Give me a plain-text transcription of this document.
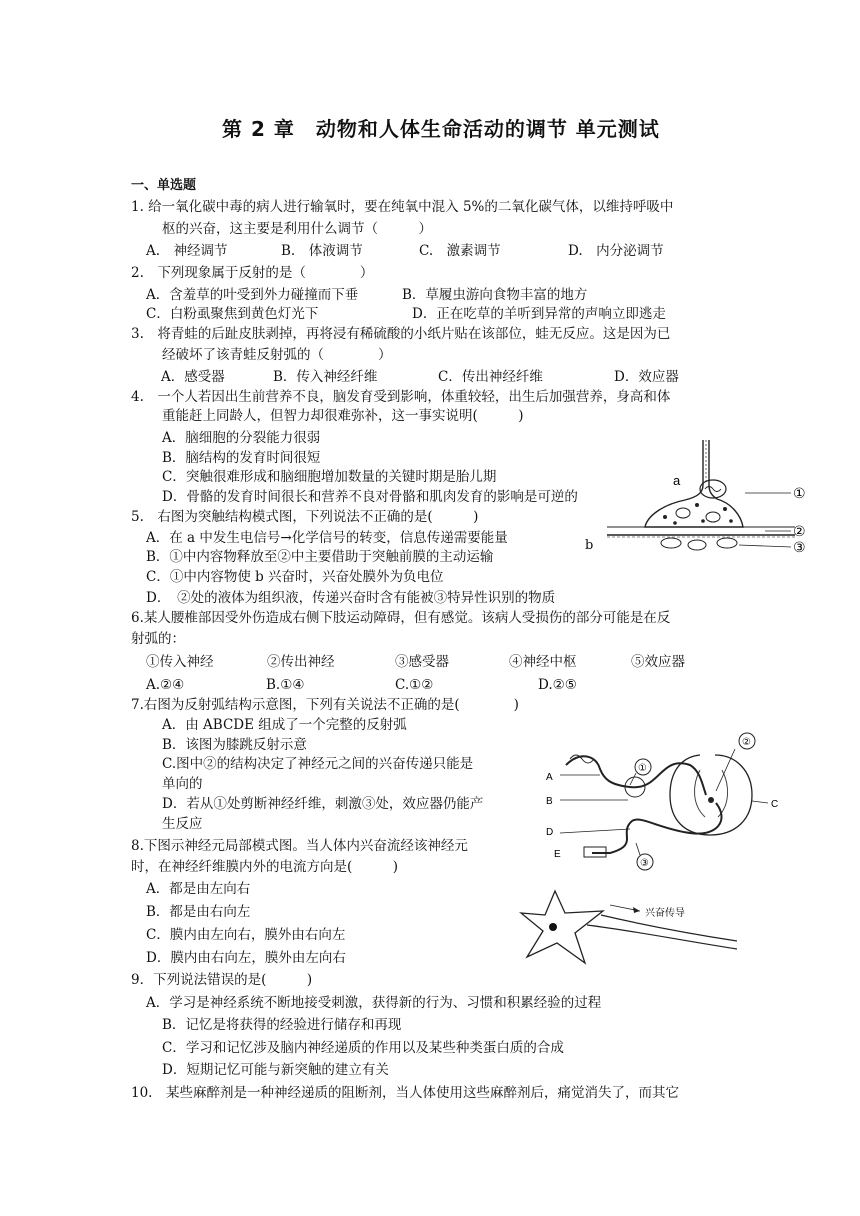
第 2 章　动物和人体生命活动的调节 单元测试
一、单选题
1. 给一氧化碳中毒的病人进行输氧时，要在纯氧中混入 5%的二氧化碳气体，以维持呼吸中
枢的兴奋，这主要是利用什么调节（　　　）
A.　神经调节	B.　体液调节	C.　激素调节	D.　内分泌调节
2.　下列现象属于反射的是（　　　　）
A．含羞草的叶受到外力碰撞而下垂	B．草履虫游向食物丰富的地方
C．白粉虱聚焦到黄色灯光下	D．正在吃草的羊听到异常的声响立即逃走
3.　将青蛙的后趾皮肤剥掉，再将浸有稀硫酸的小纸片贴在该部位，蛙无反应。这是因为已
经破坏了该青蛙反射弧的（　　　　）
A．感受器	B．传入神经纤维	C．传出神经纤维	D．效应器
4.　一个人若因出生前营养不良，脑发育受到影响，体重较轻，出生后加强营养，身高和体
重能赶上同龄人，但智力却很难弥补，这一事实说明(　　　)
A．脑细胞的分裂能力很弱
B．脑结构的发育时间很短
C．突触很难形成和脑细胞增加数量的关键时期是胎儿期
D．骨骼的发育时间很长和营养不良对骨骼和肌肉发育的影响是可逆的
5.　右图为突触结构模式图，下列说法不正确的是(　　　)
A．在 a 中发生电信号→化学信号的转变，信息传递需要能量
B．①中内容物释放至②中主要借助于突触前膜的主动运输
C．①中内容物使 b 兴奋时，兴奋处膜外为负电位
D．　②处的液体为组织液，传递兴奋时含有能被③特异性识别的物质
6.某人腰椎部因受外伤造成右侧下肢运动障碍，但有感觉。该病人受损伤的部分可能是在反
射弧的：
①传入神经	②传出神经	③感受器	④神经中枢	⑤效应器
A.②④	B.①④	C.①②	D.②⑤
7.右图为反射弧结构示意图，下列有关说法不正确的是(　　　　)
A．由 ABCDE 组成了一个完整的反射弧
B．该图为膝跳反射示意
C.图中②的结构决定了神经元之间的兴奋传递只能是
单向的
D．若从①处剪断神经纤维，刺激③处，效应器仍能产
生反应
8.下图示神经元局部模式图。当人体内兴奋流经该神经元
时，在神经纤维膜内外的电流方向是(　　　)
A．都是由左向右
B．都是由右向左
C．膜内由左向右，膜外由右向左
D．膜内由右向左，膜外由左向右
9．下列说法错误的是(　　　)
A．学习是神经系统不断地接受刺激，获得新的行为、习惯和积累经验的过程
B．记忆是将获得的经验进行储存和再现
C．学习和记忆涉及脑内神经递质的作用以及某些种类蛋白质的合成
D．短期记忆可能与新突触的建立有关
10.　某些麻醉剂是一种神经递质的阻断剂，当人体使用这些麻醉剂后，痛觉消失了，而其它
a
①
②
③
b
A
B	C
D
E
①
②
③
兴奋传导
